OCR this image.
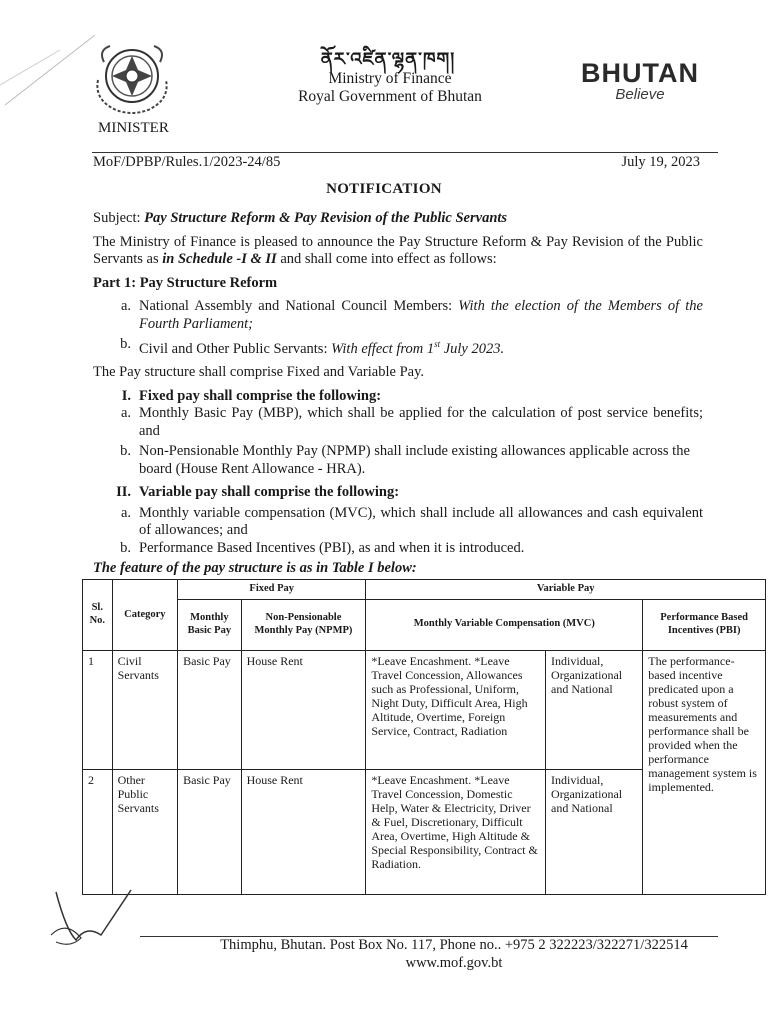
MINISTER
ནོར་འཛིན་ལྷན་ཁག།
Ministry of Finance
Royal Government of Bhutan
BHUTAN
Believe
MoF/DPBP/Rules.1/2023-24/85	July 19, 2023
NOTIFICATION

Subject: Pay Structure Reform & Pay Revision of the Public Servants

The Ministry of Finance is pleased to announce the Pay Structure Reform & Pay Revision of the Public Servants as in Schedule -I & II and shall come into effect as follows:

Part 1: Pay Structure Reform

a. National Assembly and National Council Members: With the election of the Members of the Fourth Parliament;
b. Civil and Other Public Servants: With effect from 1st July 2023.

The Pay structure shall comprise Fixed and Variable Pay.

I. Fixed pay shall comprise the following:
a. Monthly Basic Pay (MBP), which shall be applied for the calculation of post service benefits; and
b. Non-Pensionable Monthly Pay (NPMP) shall include existing allowances applicable across the board (House Rent Allowance - HRA).
II. Variable pay shall comprise the following:
a. Monthly variable compensation (MVC), which shall include all allowances and cash equivalent of allowances; and
b. Performance Based Incentives (PBI), as and when it is introduced.

The feature of the pay structure is as in Table I below:

Sl. No.	Category	Fixed Pay		Variable Pay		
		Monthly Basic Pay	Non-Pensionable Monthly Pay (NPMP)	Monthly Variable Compensation (MVC)		Performance Based Incentives (PBI)
1	Civil Servants	Basic Pay	House Rent	*Leave Encashment. *Leave Travel Concession, Allowances such as Professional, Uniform, Night Duty, Difficult Area, High Altitude, Overtime, Foreign Service, Contract, Radiation	Individual, Organizational and National	The performance-based incentive predicated upon a robust system of measurements and performance shall be provided when the performance management system is implemented.
2	Other Public Servants	Basic Pay	House Rent	*Leave Encashment. *Leave Travel Concession, Domestic Help, Water & Electricity, Driver & Fuel, Discretionary, Difficult Area, Overtime, High Altitude & Special Responsibility, Contract & Radiation.	Individual, Organizational and National	
Thimphu, Bhutan. Post Box No. 117, Phone no.. +975 2 322223/322271/322514
www.mof.gov.bt
